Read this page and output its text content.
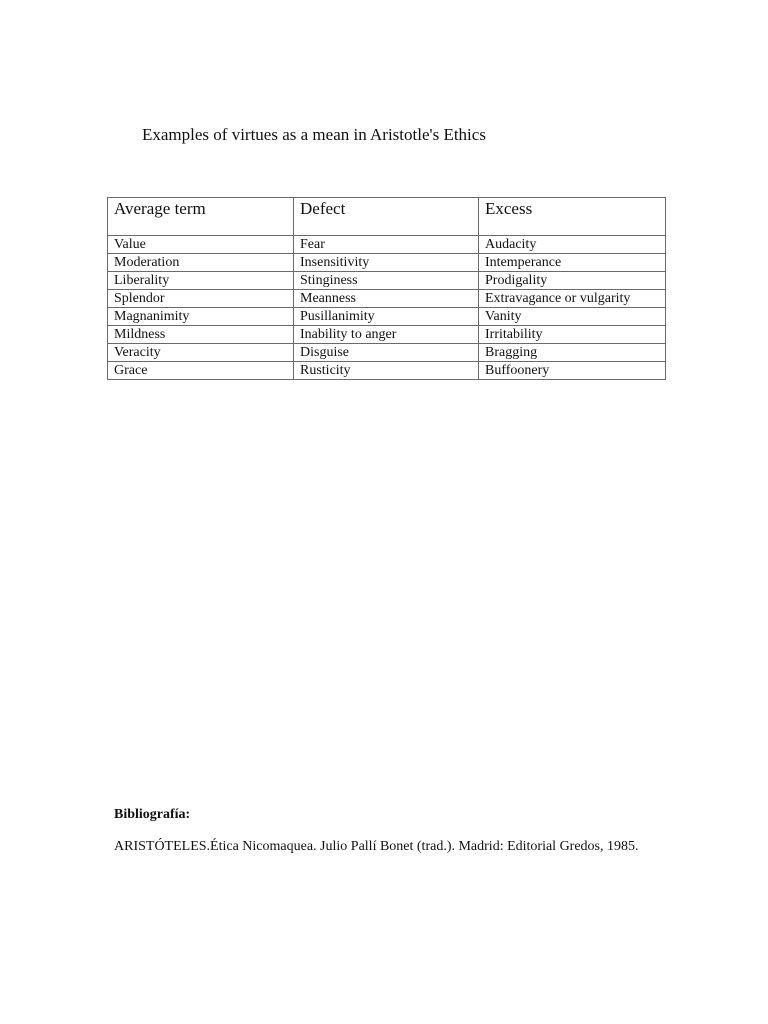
Examples of virtues as a mean in Aristotle's Ethics
Average term	Defect	Excess
Value	Fear	Audacity
Moderation	Insensitivity	Intemperance
Liberality	Stinginess	Prodigality
Splendor	Meanness	Extravagance or vulgarity
Magnanimity	Pusillanimity	Vanity
Mildness	Inability to anger	Irritability
Veracity	Disguise	Bragging
Grace	Rusticity	Buffoonery

Bibliografía:

ARISTÓTELES.Ética Nicomaquea. Julio Pallí Bonet (trad.). Madrid: Editorial Gredos, 1985.
